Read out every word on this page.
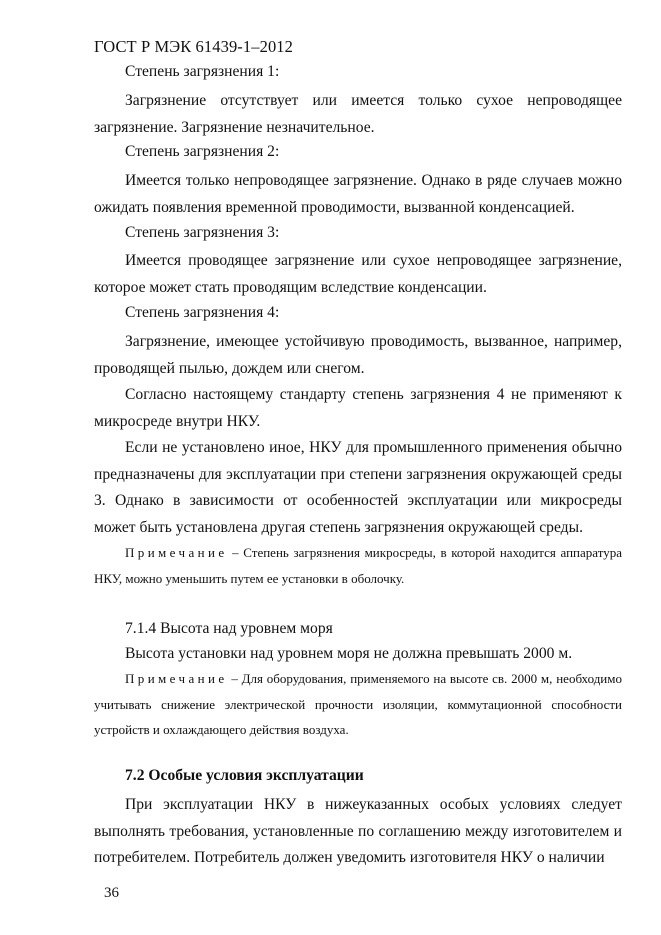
ГОСТ Р МЭК 61439-1–2012
Степень загрязнения 1:
Загрязнение отсутствует или имеется только сухое непроводящее загрязнение. Загрязнение незначительное.
Степень загрязнения 2:
Имеется только непроводящее загрязнение. Однако в ряде случаев можно ожидать появления временной проводимости, вызванной конденсацией.
Степень загрязнения 3:
Имеется проводящее загрязнение или сухое непроводящее загрязнение, которое может стать проводящим вследствие конденсации.
Степень загрязнения 4:
Загрязнение, имеющее устойчивую проводимость, вызванное, например, проводящей пылью, дождем или снегом.
Согласно настоящему стандарту степень загрязнения 4 не применяют к микросреде внутри НКУ.
Если не установлено иное, НКУ для промышленного применения обычно предназначены для эксплуатации при степени загрязнения окружающей среды 3. Однако в зависимости от особенностей эксплуатации или микросреды может быть установлена другая степень загрязнения окружающей среды.
Примечание – Степень загрязнения микросреды, в которой находится аппаратура НКУ, можно уменьшить путем ее установки в оболочку.
7.1.4 Высота над уровнем моря
Высота установки над уровнем моря не должна превышать 2000 м.
Примечание – Для оборудования, применяемого на высоте св. 2000 м, необходимо учитывать снижение электрической прочности изоляции, коммутационной способности устройств и охлаждающего действия воздуха.
7.2 Особые условия эксплуатации
При эксплуатации НКУ в нижеуказанных особых условиях следует выполнять требования, установленные по соглашению между изготовителем и потребителем. Потребитель должен уведомить изготовителя НКУ о наличии
36
